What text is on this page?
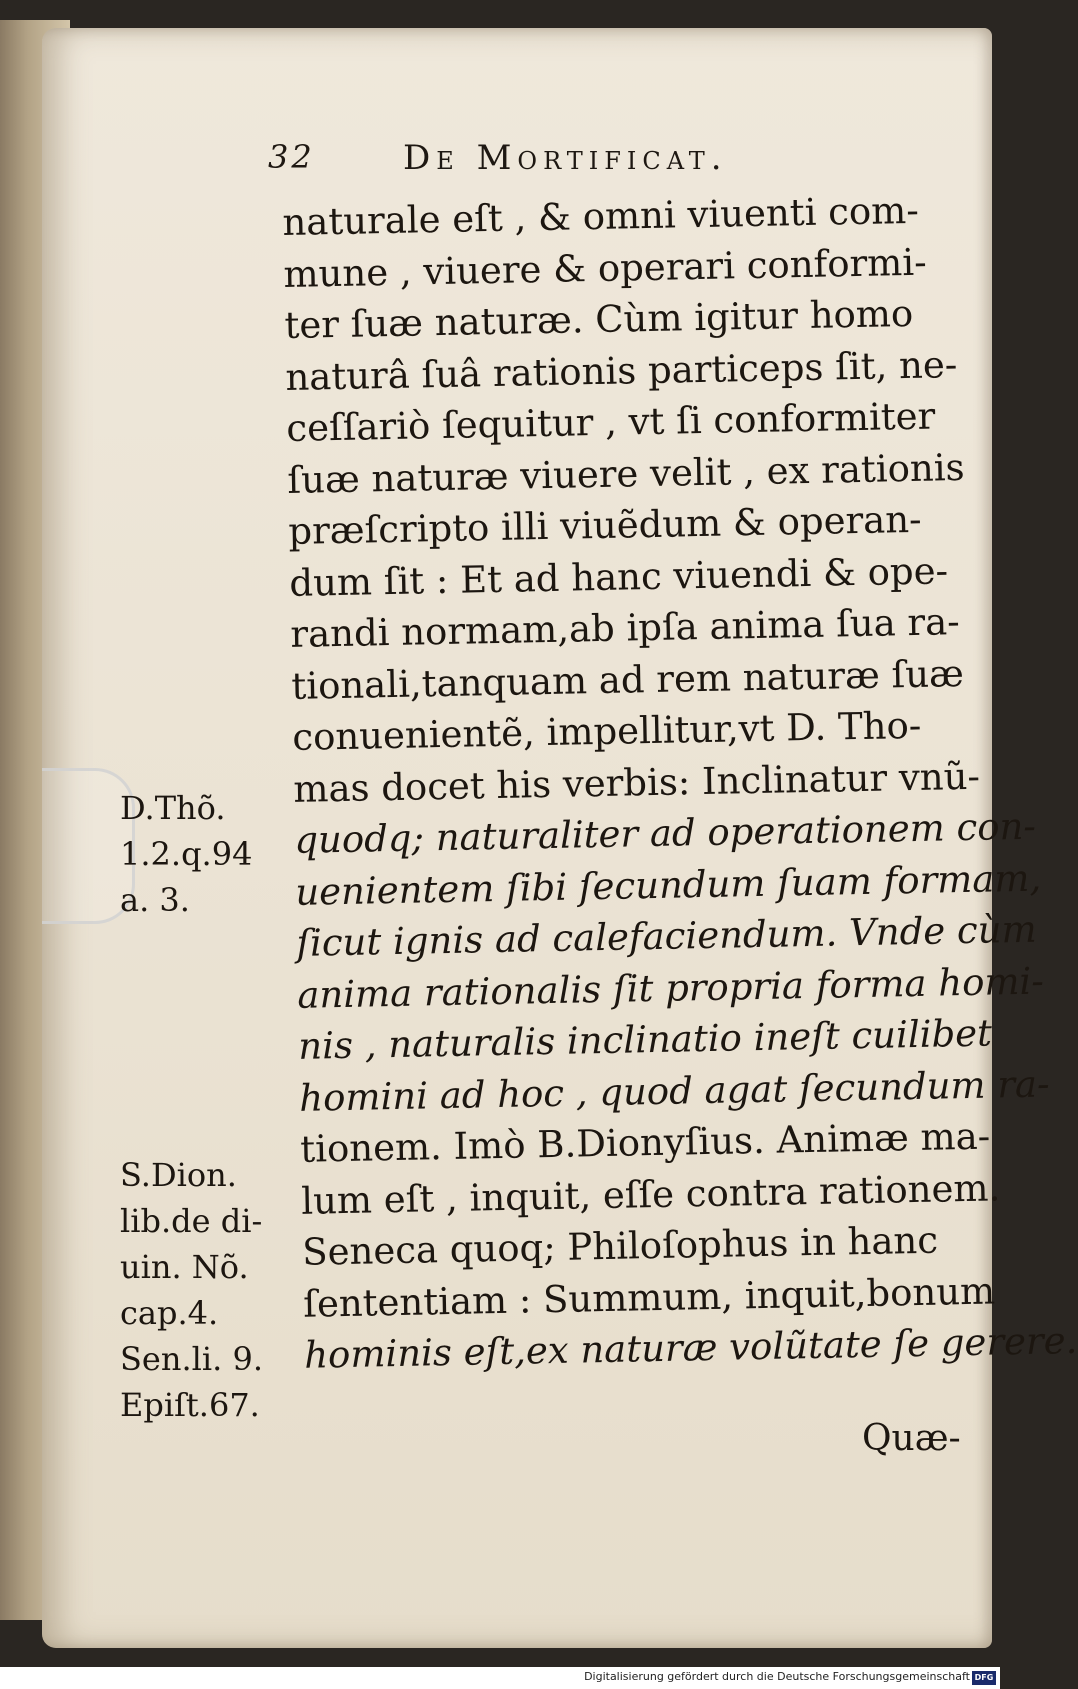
32	De Mortificat.
naturale eſt , & omni viuenti com-
mune , viuere & operari conformi-
ter ſuæ naturæ. Cùm igitur homo
naturâ ſuâ rationis particeps ſit, ne-
ceſſariò ſequitur , vt ſi conformiter
ſuæ naturæ viuere velit , ex rationis
præſcripto illi viuẽdum & operan-
dum ſit : Et ad hanc viuendi & ope-
randi normam,ab ipſa anima ſua ra-
tionali,tanquam ad rem naturæ ſuæ
conuenientẽ, impellitur,vt D. Tho-
mas docet his verbis: Inclinatur vnũ-
quodq; naturaliter ad operationem con-
uenientem ſibi ſecundum ſuam formam,
ſicut ignis ad calefaciendum. Vnde cùm
anima rationalis ſit propria forma homi-
nis , naturalis inclinatio ineſt cuilibet
homini ad hoc , quod agat ſecundum ra-
tionem. Imò B.Dionyſius. Animæ ma-
lum eſt , inquit, eſſe contra rationem.
Seneca quoq; Philoſophus in hanc
ſententiam : Summum, inquit,bonum
hominis eſt,ex naturæ volũtate ſe gerere.
D.Thõ.
1.2.q.94
a. 3.
S.Dion.
lib.de di-
uin. Nõ.
cap.4.
Sen.li. 9.
Epiſt.67.
Quæ-
Digitalisierung gefördert durch die Deutsche Forschungsgemeinschaft DFG
